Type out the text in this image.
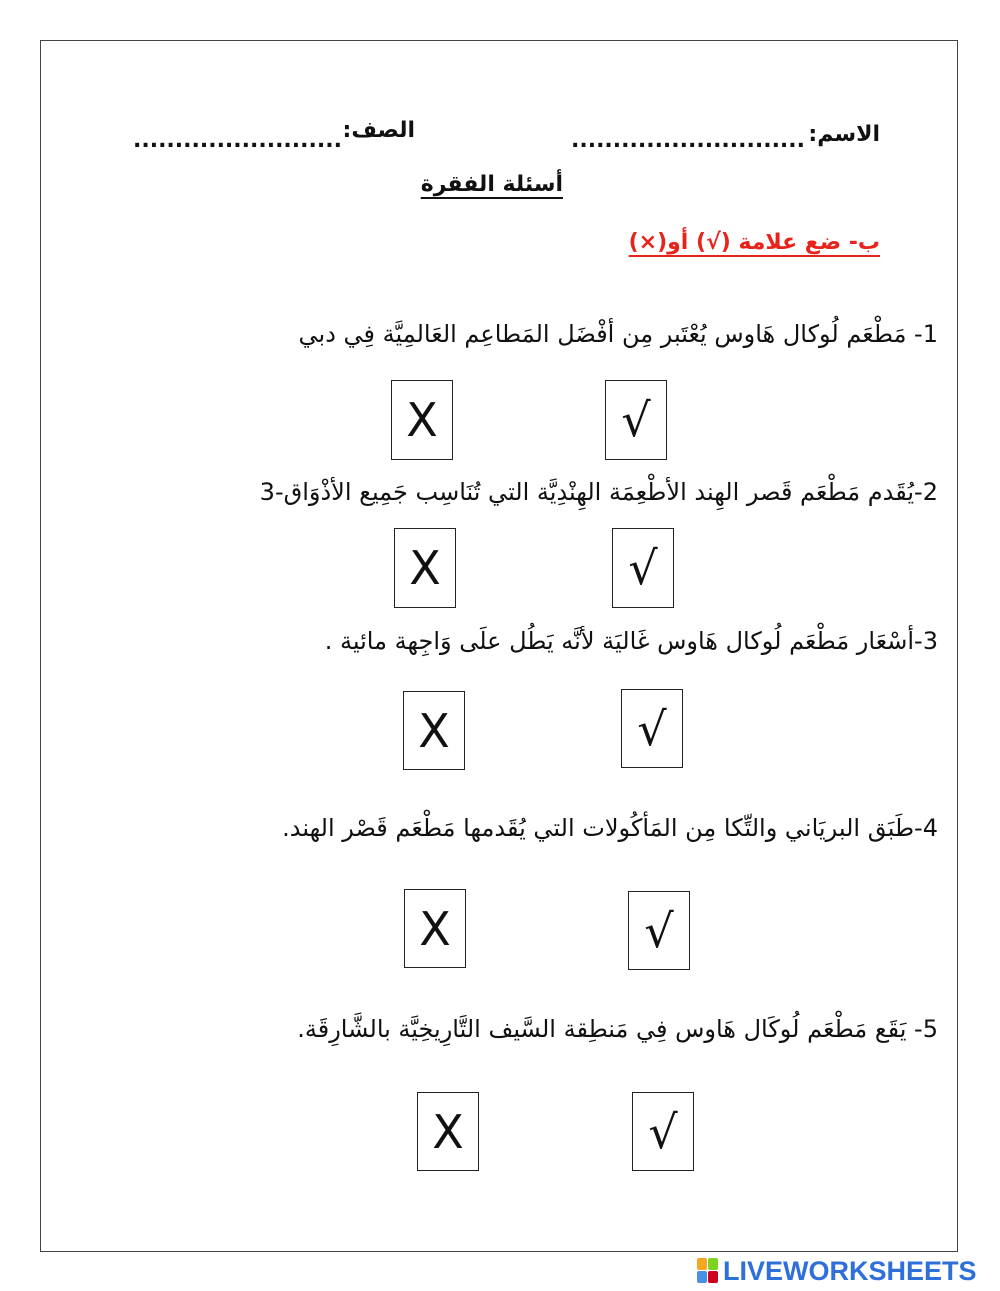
الاسم:
............................
الصف:
.........................
أسئلة الفقرة
ب- ضع علامة (√) أو(×)
1- مَطْعَم لُوكال هَاوس يُعْتَبر مِن أفْضَل المَطاعِم العَالمِيَّة فِي دبي
X	√
2-يُقَدم مَطْعَم قَصر الهِند الأطْعِمَة الهِنْدِيَّة التي تُنَاسِب جَمِيع الأذْوَاق-3
X	√
3-أسْعَار مَطْعَم لُوكال هَاوس غَاليَة لأنَّه يَطُل علَى وَاجِهة مائية .
X	√
4-طَبَق البريَاني والتِّكا مِن المَأكُولات التي يُقَدمها مَطْعَم قَصْر الهند.
X	√
5- يَقَع مَطْعَم لُوكَال هَاوس فِي مَنطِقة السَّيف التَّارِيخِيَّة بالشَّارِقَة.
X	√
LIVEWORKSHEETS
